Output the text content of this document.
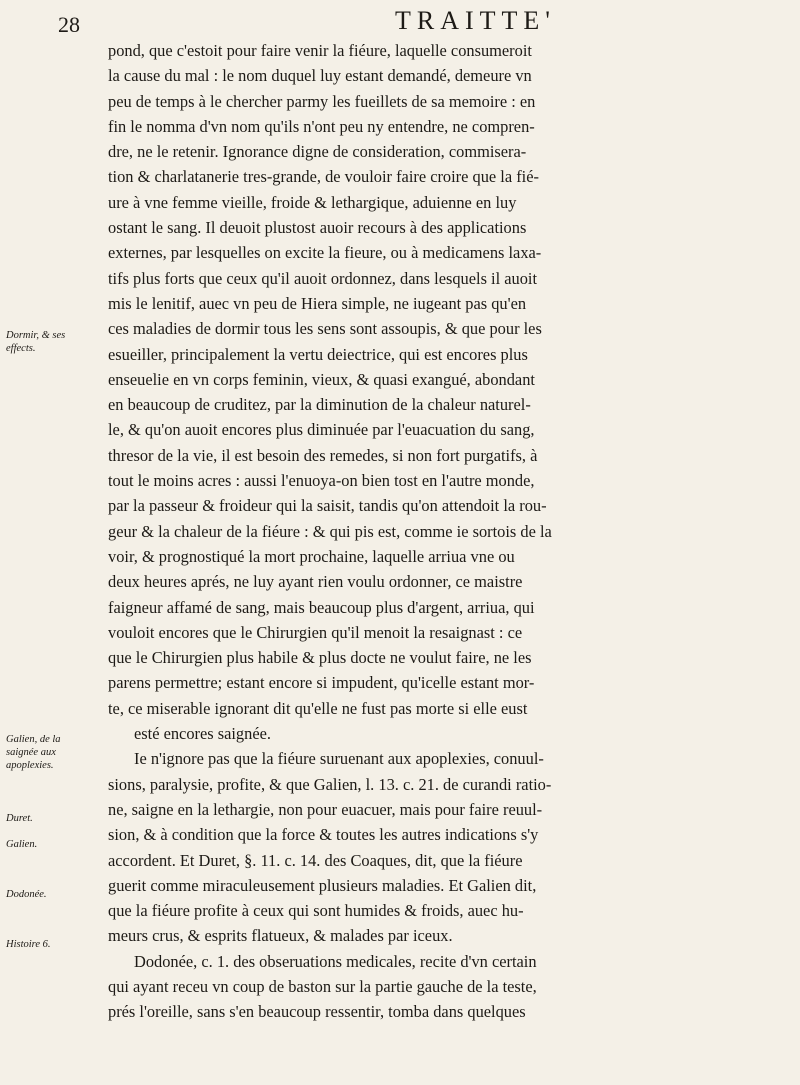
28	TRAITTE'
Dormir, & ses effects.
Galien, de la saignée aux apoplexies.
Duret.
Galien.
Dodonée.
Histoire 6.
pond, que c'estoit pour faire venir la fiéure, laquelle consumeroit
la cause du mal : le nom duquel luy estant demandé, demeure vn
peu de temps à le chercher parmy les fueillets de sa memoire : en
fin le nomma d'vn nom qu'ils n'ont peu ny entendre, ne compren-
dre, ne le retenir. Ignorance digne de consideration, commisera-
tion & charlatanerie tres-grande, de vouloir faire croire que la fié-
ure à vne femme vieille, froide & lethargique, aduienne en luy
ostant le sang. Il deuoit plustost auoir recours à des applications
externes, par lesquelles on excite la fieure, ou à medicamens laxa-
tifs plus forts que ceux qu'il auoit ordonnez, dans lesquels il auoit
mis le lenitif, auec vn peu de Hiera simple, ne iugeant pas qu'en
ces maladies de dormir tous les sens sont assoupis, & que pour les
esueiller, principalement la vertu deiectrice, qui est encores plus
enseuelie en vn corps feminin, vieux, & quasi exangué, abondant
en beaucoup de cruditez, par la diminution de la chaleur naturel-
le, & qu'on auoit encores plus diminuée par l'euacuation du sang,
thresor de la vie, il est besoin des remedes, si non fort purgatifs, à
tout le moins acres : aussi l'enuoya-on bien tost en l'autre monde,
par la passeur & froideur qui la saisit, tandis qu'on attendoit la rou-
geur & la chaleur de la fiéure : & qui pis est, comme ie sortois de la
voir, & prognostiqué la mort prochaine, laquelle arriua vne ou
deux heures aprés, ne luy ayant rien voulu ordonner, ce maistre
faigneur affamé de sang, mais beaucoup plus d'argent, arriua, qui
vouloit encores que le Chirurgien qu'il menoit la resaignast : ce
que le Chirurgien plus habile & plus docte ne voulut faire, ne les
parens permettre; estant encore si impudent, qu'icelle estant mor-
te, ce miserable ignorant dit qu'elle ne fust pas morte si elle eust
esté encores saignée.
Ie n'ignore pas que la fiéure suruenant aux apoplexies, conuul-
sions, paralysie, profite, & que Galien, l. 13. c. 21. de curandi ratio-
ne, saigne en la lethargie, non pour euacuer, mais pour faire reuul-
sion, & à condition que la force & toutes les autres indications s'y
accordent. Et Duret, §. 11. c. 14. des Coaques, dit, que la fiéure
guerit comme miraculeusement plusieurs maladies. Et Galien dit,
que la fiéure profite à ceux qui sont humides & froids, auec hu-
meurs crus, & esprits flatueux, & malades par iceux.
Dodonée, c. 1. des obseruations medicales, recite d'vn certain
qui ayant receu vn coup de baston sur la partie gauche de la teste,
prés l'oreille, sans s'en beaucoup ressentir, tomba dans quelques
